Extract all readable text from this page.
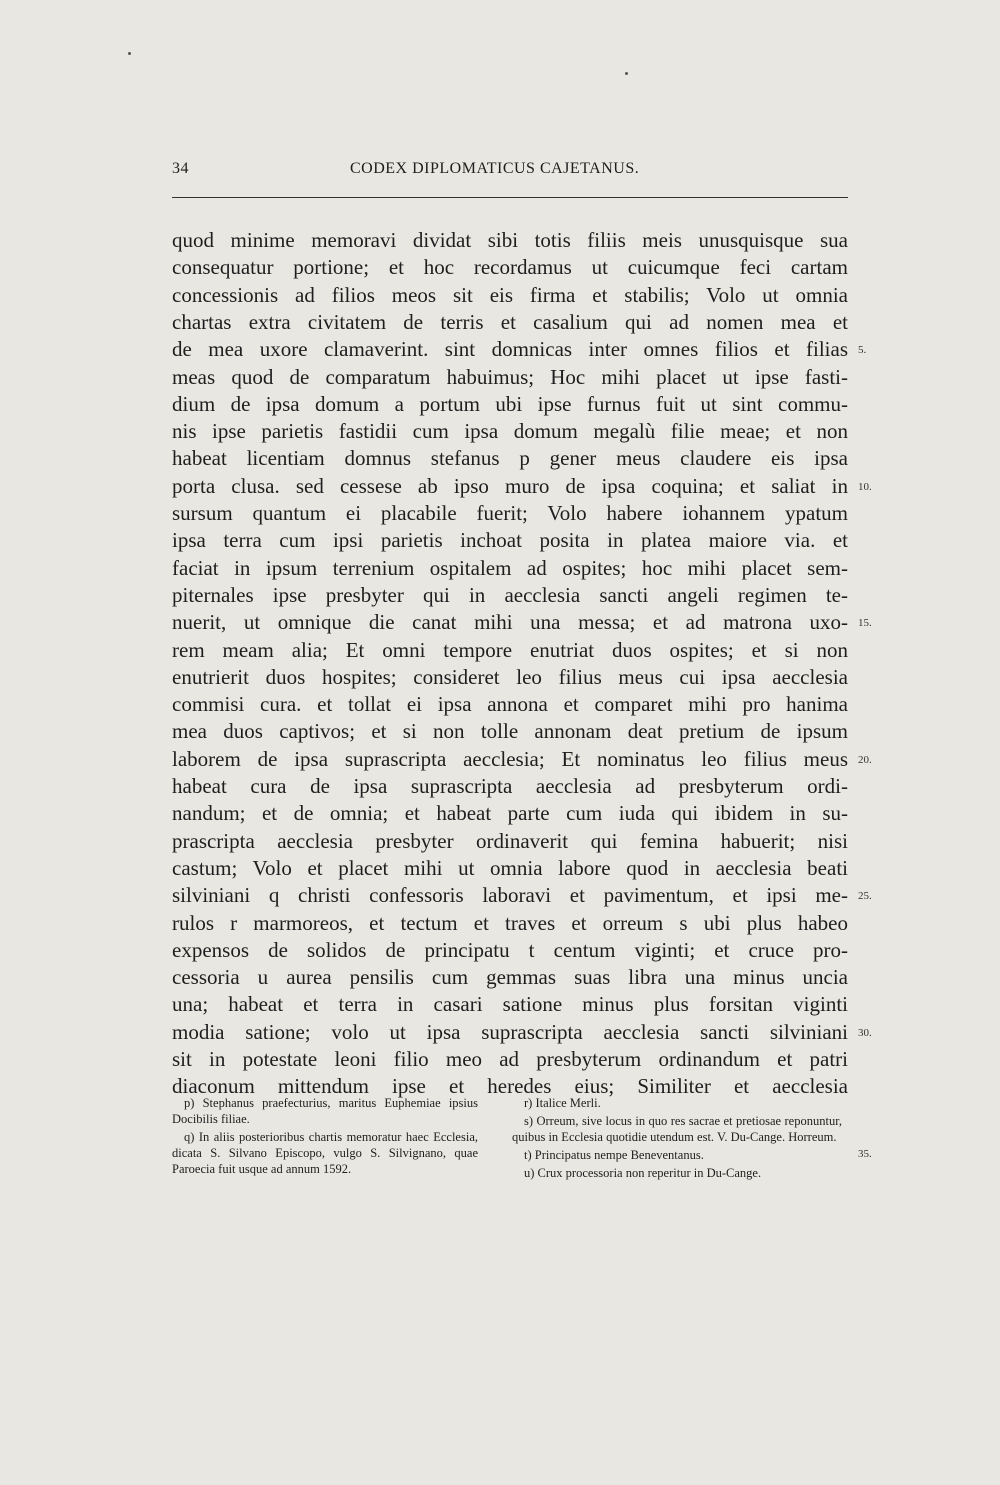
34	CODEX DIPLOMATICUS CAJETANUS.
quod minime memoravi dividat sibi totis filiis meis unusquisque sua
consequatur portione; et hoc recordamus ut cuicumque feci cartam
concessionis ad filios meos sit eis firma et stabilis; Volo ut omnia
chartas extra civitatem de terris et casalium qui ad nomen mea et
de mea uxore clamaverint. sint domnicas inter omnes filios et filias
meas quod de comparatum habuimus; Hoc mihi placet ut ipse fasti-
dium de ipsa domum a portum ubi ipse furnus fuit ut sint commu-
nis ipse parietis fastidii cum ipsa domum megalù filie meae; et non
habeat licentiam domnus stefanus p gener meus claudere eis ipsa
porta clusa. sed cessese ab ipso muro de ipsa coquina; et saliat in
sursum quantum ei placabile fuerit; Volo habere iohannem ypatum
ipsa terra cum ipsi parietis inchoat posita in platea maiore via. et
faciat in ipsum terrenium ospitalem ad ospites; hoc mihi placet sem-
piternales ipse presbyter qui in aecclesia sancti angeli regimen te-
nuerit, ut omnique die canat mihi una messa; et ad matrona uxo-
rem meam alia; Et omni tempore enutriat duos ospites; et si non
enutrierit duos hospites; consideret leo filius meus cui ipsa aecclesia
commisi cura. et tollat ei ipsa annona et comparet mihi pro hanima
mea duos captivos; et si non tolle annonam deat pretium de ipsum
laborem de ipsa suprascripta aecclesia; Et nominatus leo filius meus
habeat cura de ipsa suprascripta aecclesia ad presbyterum ordi-
nandum; et de omnia; et habeat parte cum iuda qui ibidem in su-
prascripta aecclesia presbyter ordinaverit qui femina habuerit; nisi
castum; Volo et placet mihi ut omnia labore quod in aecclesia beati
silviniani q christi confessoris laboravi et pavimentum, et ipsi me-
rulos r marmoreos, et tectum et traves et orreum s ubi plus habeo
expensos de solidos de principatu t centum viginti; et cruce pro-
cessoria u aurea pensilis cum gemmas suas libra una minus uncia
una; habeat et terra in casari satione minus plus forsitan viginti
modia satione; volo ut ipsa suprascripta aecclesia sancti silviniani
sit in potestate leoni filio meo ad presbyterum ordinandum et patri
diaconum mittendum ipse et heredes eius; Similiter et aecclesia
5.
10.
15.
20.
25.
30.
35.

p) Stephanus praefecturius, maritus Euphemiae ipsius Docibilis filiae.

q) In aliis posterioribus chartis memoratur haec Ecclesia, dicata S. Silvano Episcopo, vulgo S. Silvignano, quae Paroecia fuit usque ad annum 1592.

r) Italice Merli.

s) Orreum, sive locus in quo res sacrae et pretiosae reponuntur, quibus in Ecclesia quotidie utendum est. V. Du-Cange. Horreum.

t) Principatus nempe Beneventanus.

u) Crux processoria non reperitur in Du-Cange.
